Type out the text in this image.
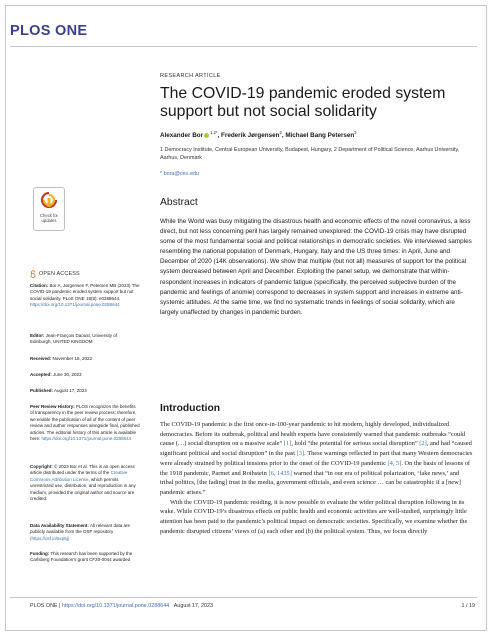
PLOS ONE
RESEARCH ARTICLE
The COVID-19 pandemic eroded system support but not social solidarity
Alexander Bor $^{1,2*}$, Frederik Jørgensen$^2$, Michael Bang Petersen$^2$
1 Democracy Institute, Central European University, Budapest, Hungary, 2 Department of Political Science, Aarhus University, Aarhus, Denmark
* bora@ceu.edu
Abstract
While the World was busy mitigating the disastrous health and economic effects of the novel coronavirus, a less direct, but not less concerning peril has largely remained unexplored: the COVID-19 crisis may have disrupted some of the most fundamental social and political relationships in democratic societies. We interviewed samples resembling the national population of Denmark, Hungary, Italy and the US three times: in April, June and December of 2020 (14K observations). We show that multiple (but not all) measures of support for the political system decreased between April and December. Exploiting the panel setup, we demonstrate that within-respondent increases in indicators of pandemic fatigue (specifically, the perceived subjective burden of the pandemic and feelings of anomie) correspond to decreases in system support and increases in extreme anti-systemic attitudes. At the same time, we find no systematic trends in feelings of social solidarity, which are largely unaffected by changes in pandemic burden.
Introduction

The COVID-19 pandemic is the first once-in-100-year pandemic to hit modern, highly developed, individualized democracies. Before its outbreak, political and health experts have consistently warned that pandemic outbreaks “could cause (…) social disruption on a massive scale” [1], hold “the potential for serious social disruption” [2], and had “caused significant political and social disruption” in the past [3]. These warnings reflected in part that many Western democracies were already strained by political tensions prior to the onset of the COVID-19 pandemic [4, 5]. On the basis of lessons of the 1918 pandemic, Parmet and Rothstein [6, 1435] warned that “in our era of political polarization, ‘fake news,’ and tribal politics, [the fading] trust in the media, government officials, and even science … can be catastrophic if a [new] pandemic arises.”

With the COVID-19 pandemic residing, it is now possible to evaluate the wider political disruption following in its wake. While COVID-19’s disastrous effects on public health and economic activities are well-studied, surprisingly little attention has been paid to the pandemic’s political impact on democratic societies. Specifically, we examine whether the pandemic disrupted citizens’ views of (a) each other and (b) the political system. Thus, we focus directly

Check for
updates
OPEN ACCESS
Citation: Bor A, Jørgensen F, Petersen MB (2023) The COVID-19 pandemic eroded system support but not social solidarity. PLoS ONE 18(8): e0288644. https://doi.org/10.1371/journal.pone.0288644
Editor: Jean-François Daoust, University of Edinburgh, UNITED KINGDOM
Received: November 18, 2022
Accepted: June 30, 2023
Published: August 17, 2023
Peer Review History: PLOS recognizes the benefits of transparency in the peer review process; therefore, we enable the publication of all of the content of peer review and author responses alongside final, published articles. The editorial history of this article is available here: https://doi.org/10.1371/journal.pone.0288644
Copyright: © 2023 Bor et al. This is an open access article distributed under the terms of the Creative Commons Attribution License, which permits unrestricted use, distribution, and reproduction in any medium, provided the original author and source are credited.
Data Availability Statement: All relevant data are publicly available from the OSF repository (https://osf.io/5xp5j)
Funding: This research has been supported by the Carlsberg Foundation's grant CF20-0044 awarded
PLOS ONE | https://doi.org/10.1371/journal.pone.0288644 August 17, 2023	1 / 19
